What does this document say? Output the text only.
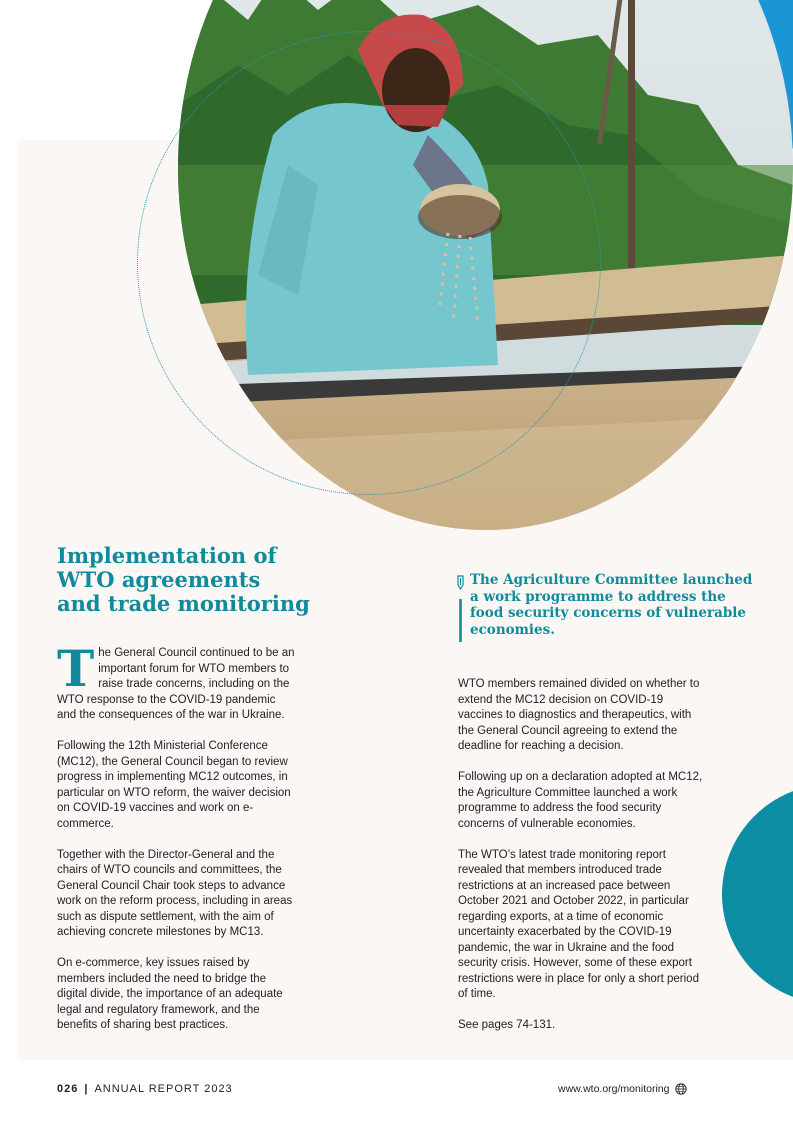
Implementation of
WTO agreements
and trade monitoring

The General Council continued to be an important forum for WTO members to raise trade concerns, including on the WTO response to the COVID-19 pandemic and the consequences of the war in Ukraine.

Following the 12th Ministerial Conference (MC12), the General Council began to review progress in implementing MC12 outcomes, in particular on WTO reform, the waiver decision on COVID-19 vaccines and work on e-commerce.

Together with the Director-General and the chairs of WTO councils and committees, the General Council Chair took steps to advance work on the reform process, including in areas such as dispute settlement, with the aim of achieving concrete milestones by MC13.

On e-commerce, key issues raised by members included the need to bridge the digital divide, the importance of an adequate legal and regulatory framework, and the benefits of sharing best practices.

The Agriculture Committee launched a work programme to address the food security concerns of vulnerable economies.

WTO members remained divided on whether to extend the MC12 decision on COVID-19 vaccines to diagnostics and therapeutics, with the General Council agreeing to extend the deadline for reaching a decision.

Following up on a declaration adopted at MC12, the Agriculture Committee launched a work programme to address the food security concerns of vulnerable economies.

The WTO’s latest trade monitoring report revealed that members introduced trade restrictions at an increased pace between October 2021 and October 2022, in particular regarding exports, at a time of economic uncertainty exacerbated by the COVID-19 pandemic, the war in Ukraine and the food security crisis. However, some of these export restrictions were in place for only a short period of time.

See pages 74-131.

026 | ANNUAL REPORT 2023	www.wto.org/monitoring
